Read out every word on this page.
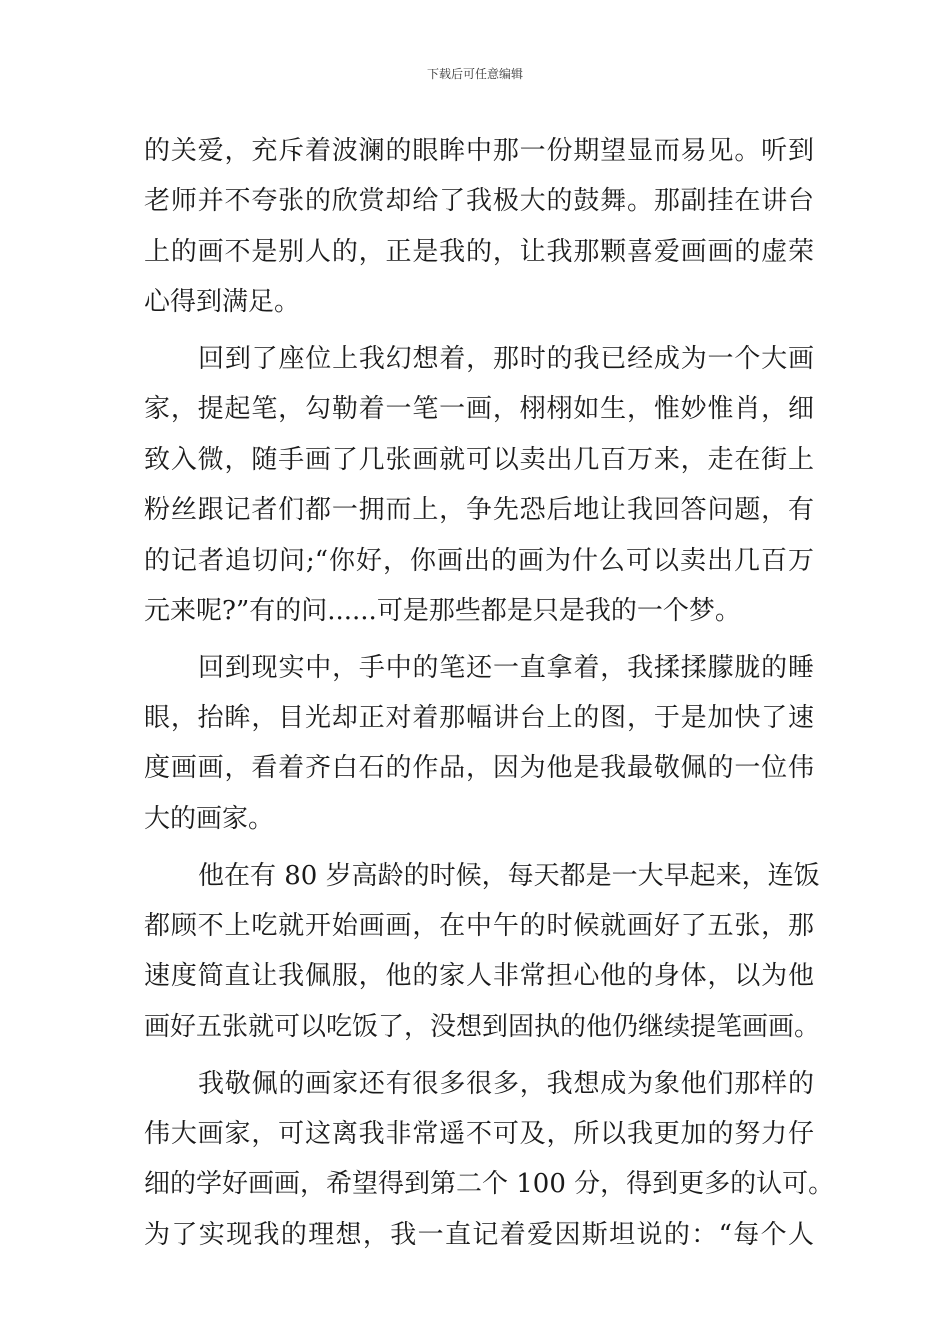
下载后可任意编辑
的关爱，充斥着波澜的眼眸中那一份期望显而易见。听到
老师并不夸张的欣赏却给了我极大的鼓舞。那副挂在讲台
上的画不是别人的，正是我的，让我那颗喜爱画画的虚荣
心得到满足。
回到了座位上我幻想着，那时的我已经成为一个大画
家，提起笔，勾勒着一笔一画，栩栩如生，惟妙惟肖，细
致入微，随手画了几张画就可以卖出几百万来，走在街上
粉丝跟记者们都一拥而上，争先恐后地让我回答问题，有
的记者追切问;“你好，你画出的画为什么可以卖出几百万
元来呢?”有的问......可是那些都是只是我的一个梦。
回到现实中，手中的笔还一直拿着，我揉揉朦胧的睡
眼，抬眸，目光却正对着那幅讲台上的图，于是加快了速
度画画，看着齐白石的作品，因为他是我最敬佩的一位伟
大的画家。
他在有 80 岁高龄的时候，每天都是一大早起来，连饭
都顾不上吃就开始画画，在中午的时候就画好了五张，那
速度简直让我佩服，他的家人非常担心他的身体，以为他
画好五张就可以吃饭了，没想到固执的他仍继续提笔画画。
我敬佩的画家还有很多很多，我想成为象他们那样的
伟大画家，可这离我非常遥不可及，所以我更加的努力仔
细的学好画画，希望得到第二个 100 分，得到更多的认可。
为了实现我的理想，我一直记着爱因斯坦说的：“每个人
